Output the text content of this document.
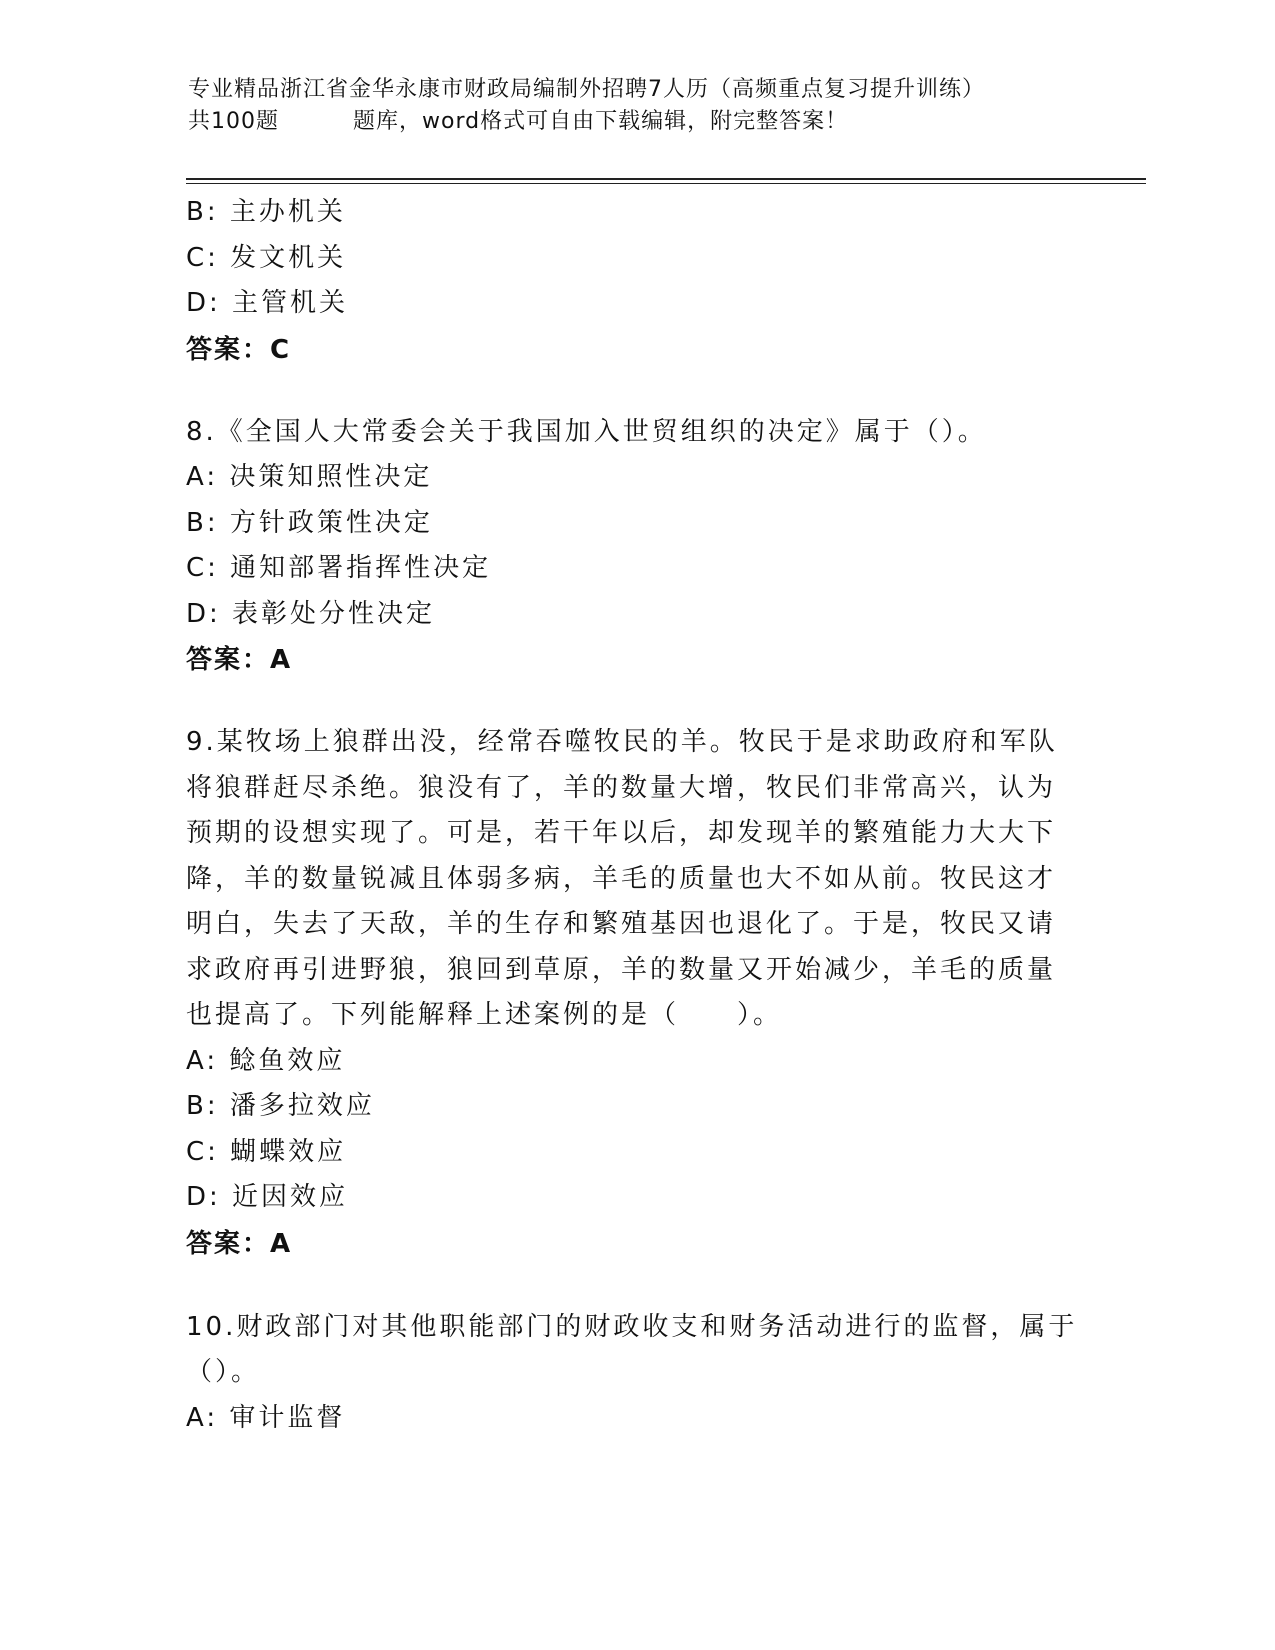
专业精品浙江省金华永康市财政局编制外招聘7人历（高频重点复习提升训练）
共100题	题库，word格式可自由下载编辑，附完整答案！
B: 主办机关
C: 发文机关
D: 主管机关
答案：C
8.《全国人大常委会关于我国加入世贸组织的决定》属于（）。
A: 决策知照性决定
B: 方针政策性决定
C: 通知部署指挥性决定
D: 表彰处分性决定
答案：A
9.某牧场上狼群出没，经常吞噬牧民的羊。牧民于是求助政府和军队
将狼群赶尽杀绝。狼没有了，羊的数量大增，牧民们非常高兴，认为
预期的设想实现了。可是，若干年以后，却发现羊的繁殖能力大大下
降，羊的数量锐减且体弱多病，羊毛的质量也大不如从前。牧民这才
明白，失去了天敌，羊的生存和繁殖基因也退化了。于是，牧民又请
求政府再引进野狼，狼回到草原，羊的数量又开始减少，羊毛的质量
也提高了。下列能解释上述案例的是（　　）。
A: 鲶鱼效应
B: 潘多拉效应
C: 蝴蝶效应
D: 近因效应
答案：A
10.财政部门对其他职能部门的财政收支和财务活动进行的监督，属于
（）。
A: 审计监督
